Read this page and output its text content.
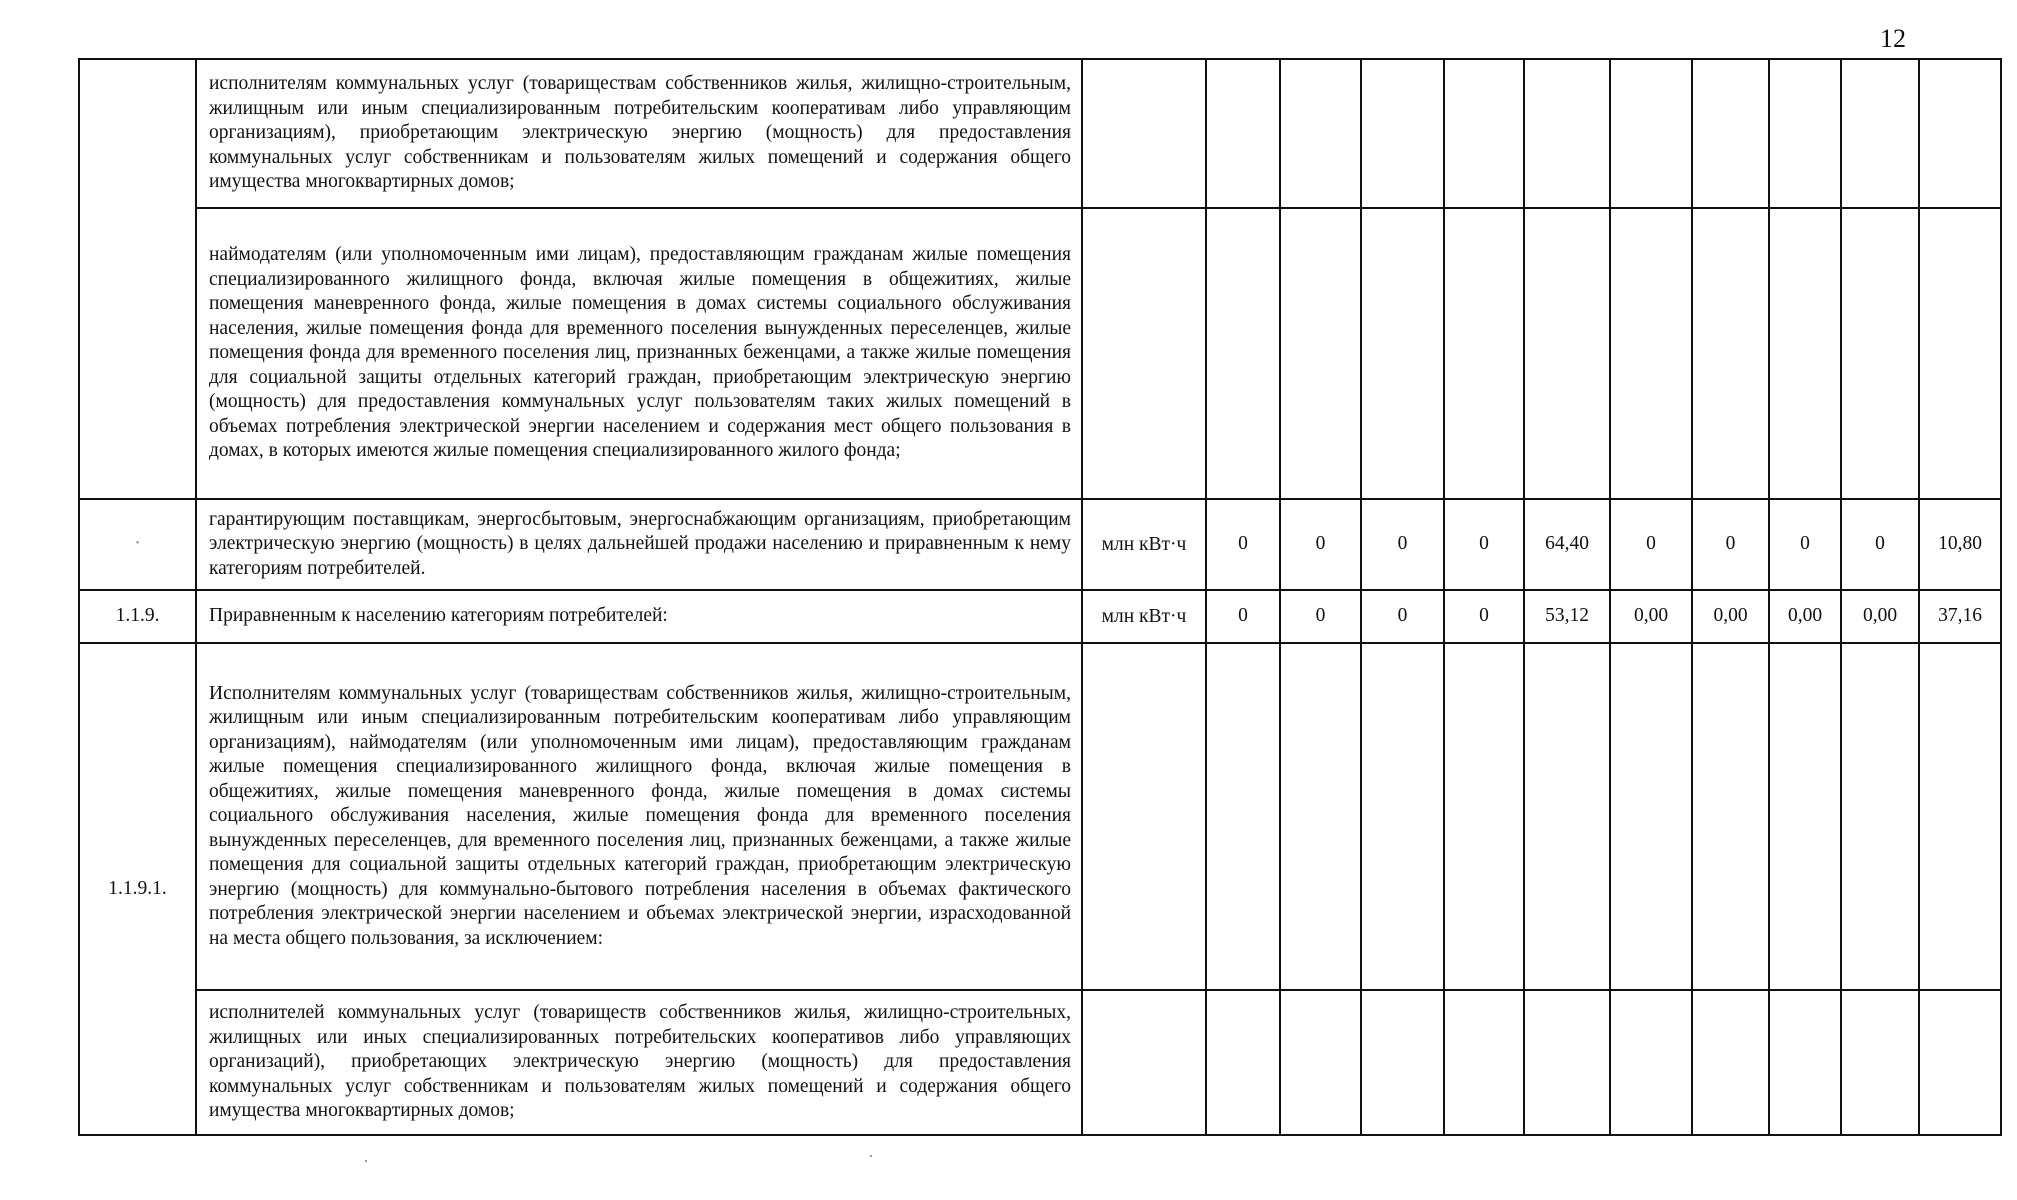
12
	исполнителям коммунальных услуг (товариществам собственников жилья, жилищно-строительным, жилищным или иным специализированным потребительским кооперативам либо управляющим организациям), приобретающим электрическую энергию (мощность) для предоставления коммунальных услуг собственникам и пользователям жилых помещений и содержания общего имущества многоквартирных домов;											
	наймодателям (или уполномоченным ими лицам), предоставляющим гражданам жилые помещения специализированного жилищного фонда, включая жилые помещения в общежитиях, жилые помещения маневренного фонда, жилые помещения в домах системы социального обслуживания населения, жилые помещения фонда для временного поселения вынужденных переселенцев, жилые помещения фонда для временного поселения лиц, признанных беженцами, а также жилые помещения для социальной защиты отдельных категорий граждан, приобретающим электрическую энергию (мощность) для предоставления коммунальных услуг пользователям таких жилых помещений в объемах потребления электрической энергии населением и содержания мест общего пользования в домах, в которых имеются жилые помещения специализированного жилого фонда;											
·	гарантирующим поставщикам, энергосбытовым, энергоснабжающим организациям, приобретающим электрическую энергию (мощность) в целях дальнейшей продажи населению и приравненным к нему категориям потребителей.	млн кВт·ч	0	0	0	0	64,40	0	0	0	0	10,80
1.1.9.	Приравненным к населению категориям потребителей:	млн кВт·ч	0	0	0	0	53,12	0,00	0,00	0,00	0,00	37,16
1.1.9.1.	Исполнителям коммунальных услуг (товариществам собственников жилья, жилищно-строительным, жилищным или иным специализированным потребительским кооперативам либо управляющим организациям), наймодателям (или уполномоченным ими лицам), предоставляющим гражданам жилые помещения специализированного жилищного фонда, включая жилые помещения в общежитиях, жилые помещения маневренного фонда, жилые помещения в домах системы социального обслуживания населения, жилые помещения фонда для временного поселения вынужденных переселенцев, для временного поселения лиц, признанных беженцами, а также жилые помещения для социальной защиты отдельных категорий граждан, приобретающим электрическую энергию (мощность) для коммунально-бытового потребления населения в объемах фактического потребления электрической энергии населением и объемах электрической энергии, израсходованной на места общего пользования, за исключением:											
	исполнителей коммунальных услуг (товариществ собственников жилья, жилищно-строительных, жилищных или иных специализированных потребительских кооперативов либо управляющих организаций), приобретающих электрическую энергию (мощность) для предоставления коммунальных услуг собственникам и пользователям жилых помещений и содержания общего имущества многоквартирных домов;											
